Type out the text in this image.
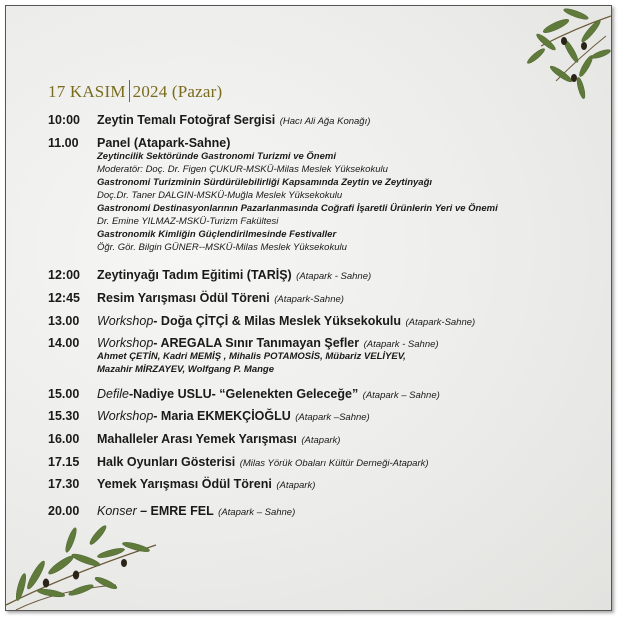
17 KASIM 2024 (Pazar)
10:00 Zeytin Temalı Fotoğraf Sergisi (Hacı Ali Ağa Konağı)
11.00 Panel (Atapark-Sahne)
Zeytincilik Sektöründe Gastronomi Turizmi ve Önemi
Moderatör: Doç. Dr. Figen ÇUKUR-MSKÜ-Milas Meslek Yüksekokulu
Gastronomi Turizminin Sürdürülebilirliği Kapsamında Zeytin ve Zeytinyağı
Doç.Dr. Taner DALGIN-MSKÜ-Muğla Meslek Yüksekokulu
Gastronomi Destinasyonlarının Pazarlanmasında Coğrafi İşaretli Ürünlerin Yeri ve Önemi
Dr. Emine YILMAZ-MSKÜ-Turizm Fakültesi
Gastronomik Kimliğin Güçlendirilmesinde Festivaller
Öğr. Gör. Bilgin GÜNER--MSKÜ-Milas Meslek Yüksekokulu
12:00 Zeytinyağı Tadım Eğitimi (TARİŞ) (Atapark - Sahne)
12:45 Resim Yarışması Ödül Töreni (Atapark-Sahne)
13.00 Workshop- Doğa ÇİTÇİ & Milas Meslek Yüksekokulu (Atapark-Sahne)
14.00 Workshop- AREGALA Sınır Tanımayan Şefler (Atapark - Sahne)
Ahmet ÇETİN, Kadri MEMİŞ , Mihalis POTAMOSİS, Mübariz VELİYEV,
Mazahir MİRZAYEV, Wolfgang P. Mange
15.00 Defile-Nadiye USLU- “Gelenekten Geleceğe” (Atapark – Sahne)
15.30 Workshop- Maria EKMEKÇİOĞLU (Atapark –Sahne)
16.00 Mahalleler Arası Yemek Yarışması (Atapark)
17.15 Halk Oyunları Gösterisi (Milas Yörük Obaları Kültür Derneği-Atapark)
17.30 Yemek Yarışması Ödül Töreni (Atapark)
20.00 Konser – EMRE FEL (Atapark – Sahne)
